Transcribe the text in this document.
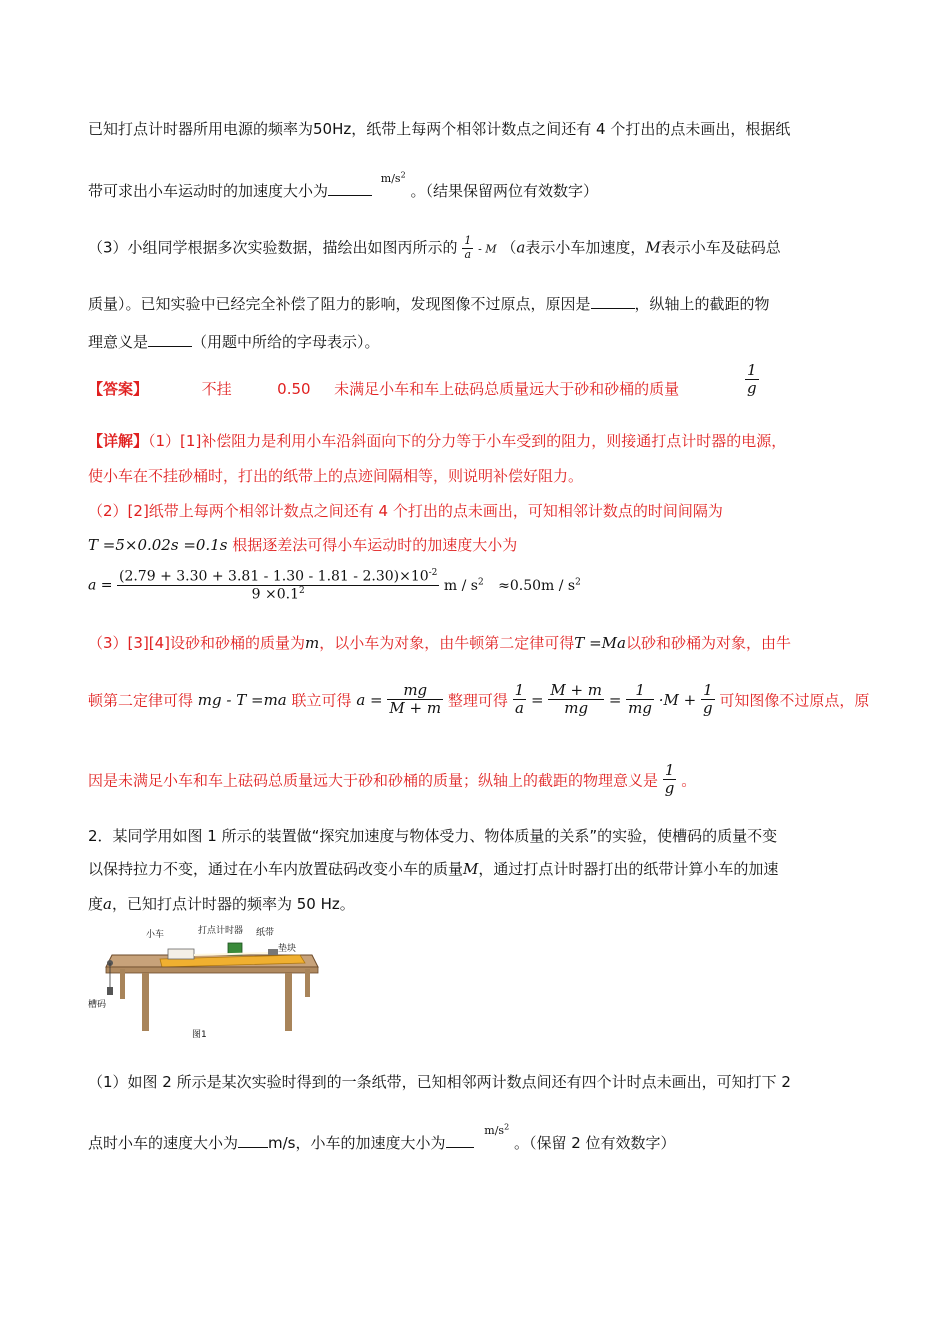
已知打点计时器所用电源的频率为50Hz，纸带上每两个相邻计数点之间还有 4 个打出的点未画出，根据纸
带可求出小车运动时的加速度大小为 $^{m/s^2}$ 。（结果保留两位有效数字）
（3）小组同学根据多次实验数据，描绘出如图丙所示的 $\frac{1}{a}$ - M （a表示小车加速度，M表示小车及砝码总
质量）。已知实验中已经完全补偿了阻力的影响，发现图像不过原点，原因是	，纵轴上的截距的物
理意义是	（用题中所给的字母表示）。
【答案】	不挂	0.50 未满足小车和车上砝码总质量远大于砂和砂桶的质量	$\frac{1}{g}$
【详解】（1）[1]补偿阻力是利用小车沿斜面向下的分力等于小车受到的阻力，则接通打点计时器的电源，
使小车在不挂砂桶时，打出的纸带上的点迹间隔相等，则说明补偿好阻力。
（2）[2]纸带上每两个相邻计数点之间还有 4 个打出的点未画出，可知相邻计数点的时间间隔为
T =5×0.02s =0.1s 根据逐差法可得小车运动时的加速度大小为
$a = \frac{(2.79 + 3.30 + 3.81 - 1.30 - 1.81 - 2.30)\times 10^{-2}}{9 \times 0.1^2}$ $m / s^2 \approx 0.50m / s^2$
（3）[3][4]设砂和砂桶的质量为m，以小车为对象，由牛顿第二定律可得T =Ma以砂和砂桶为对象，由牛
顿第二定律可得 mg - T =ma 联立可得 $a = \frac{mg}{M + m}$ 整理可得 $\frac{1}{a} = \frac{M + m}{mg} = \frac{1}{mg} \cdot M + \frac{1}{g}$ 可知图像不过原点，原
因是未满足小车和车上砝码总质量远大于砂和砂桶的质量；纵轴上的截距的物理意义是 $\frac{1}{g}$ 。
2．某同学用如图 1 所示的装置做“探究加速度与物体受力、物体质量的关系”的实验，使槽码的质量不变
以保持拉力不变，通过在小车内放置砝码改变小车的质量M，通过打点计时器打出的纸带计算小车的加速
度a，已知打点计时器的频率为 50 Hz。
小车	打点计时器 纸带
垫块
槽码
图1
（1）如图 2 所示是某次实验时得到的一条纸带，已知相邻两计数点间还有四个计时点未画出，可知打下 2
点时小车的速度大小为 m/s，小车的加速度大小为 $^{m/s^2}$ 。（保留 2 位有效数字）
